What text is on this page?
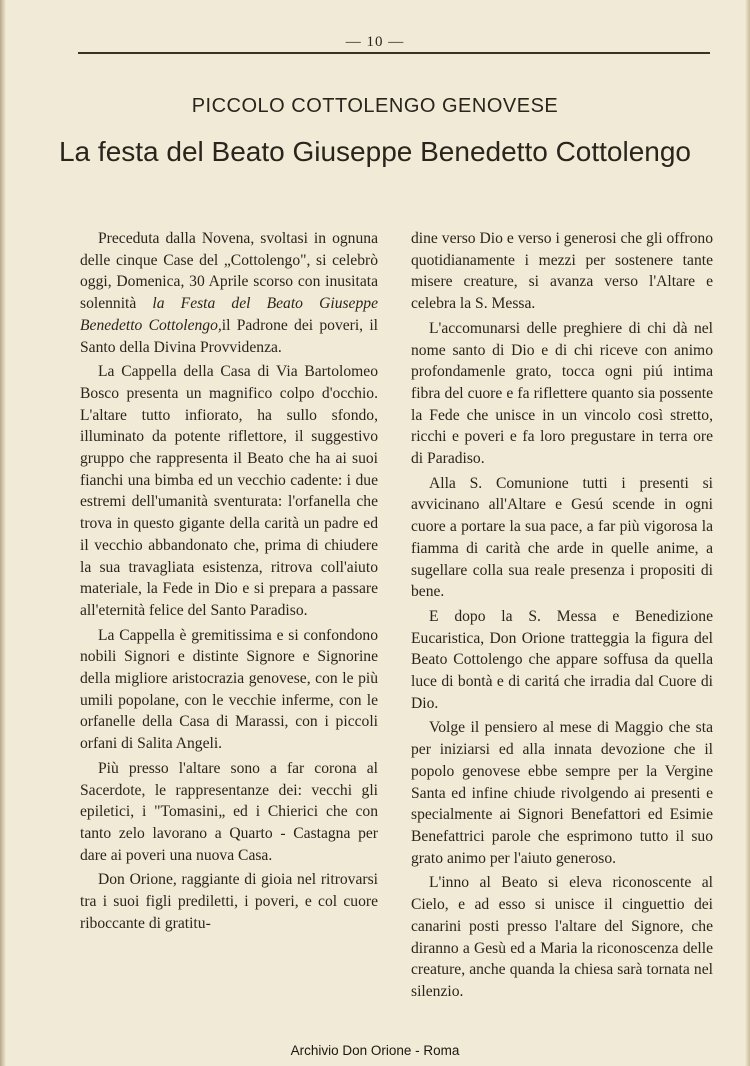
— 10 —
PICCOLO COTTOLENGO GENOVESE
La festa del Beato Giuseppe Benedetto Cottolengo

Preceduta dalla Novena, svoltasi in ognuna delle cinque Case del „Cottolengo", si celebrò oggi, Domenica, 30 Aprile scorso con inusitata solennità la Festa del Beato Giuseppe Benedetto Cottolengo,il Padrone dei poveri, il Santo della Divina Provvidenza.

La Cappella della Casa di Via Bartolomeo Bosco presenta un magnifico colpo d'occhio. L'altare tutto infiorato, ha sullo sfondo, illuminato da potente riflettore, il suggestivo gruppo che rappresenta il Beato che ha ai suoi fianchi una bimba ed un vecchio cadente: i due estremi dell'umanità sventurata: l'orfanella che trova in questo gigante della carità un padre ed il vecchio abbandonato che, prima di chiudere la sua travagliata esistenza, ritrova coll'aiuto materiale, la Fede in Dio e si prepara a passare all'eternità felice del Santo Paradiso.

La Cappella è gremitissima e si confondono nobili Signori e distinte Signore e Signorine della migliore aristocrazia genovese, con le più umili popolane, con le vecchie inferme, con le orfanelle della Casa di Marassi, con i piccoli orfani di Salita Angeli.

Più presso l'altare sono a far corona al Sacerdote, le rappresentanze dei: vecchi gli epiletici, i "Tomasini„ ed i Chierici che con tanto zelo lavorano a Quarto - Castagna per dare ai poveri una nuova Casa.

Don Orione, raggiante di gioia nel ritrovarsi tra i suoi figli prediletti, i poveri, e col cuore riboccante di gratitu-

dine verso Dio e verso i generosi che gli offrono quotidianamente i mezzi per sostenere tante misere creature, si avanza verso l'Altare e celebra la S. Messa.

L'accomunarsi delle preghiere di chi dà nel nome santo di Dio e di chi riceve con animo profondamenle grato, tocca ogni piú intima fibra del cuore e fa riflettere quanto sia possente la Fede che unisce in un vincolo così stretto, ricchi e poveri e fa loro pregustare in terra ore di Paradiso.

Alla S. Comunione tutti i presenti si avvicinano all'Altare e Gesú scende in ogni cuore a portare la sua pace, a far più vigorosa la fiamma di carità che arde in quelle anime, a sugellare colla sua reale presenza i propositi di bene.

E dopo la S. Messa e Benedizione Eucaristica, Don Orione tratteggia la figura del Beato Cottolengo che appare soffusa da quella luce di bontà e di caritá che irradia dal Cuore di Dio.

Volge il pensiero al mese di Maggio che sta per iniziarsi ed alla innata devozione che il popolo genovese ebbe sempre per la Vergine Santa ed infine chiude rivolgendo ai presenti e specialmente ai Signori Benefattori ed Esimie Benefattrici parole che esprimono tutto il suo grato animo per l'aiuto generoso.

L'inno al Beato si eleva riconoscente al Cielo, e ad esso si unisce il cinguettio dei canarini posti presso l'altare del Signore, che diranno a Gesù ed a Maria la riconoscenza delle creature, anche quanda la chiesa sarà tornata nel silenzio.

Archivio Don Orione - Roma
